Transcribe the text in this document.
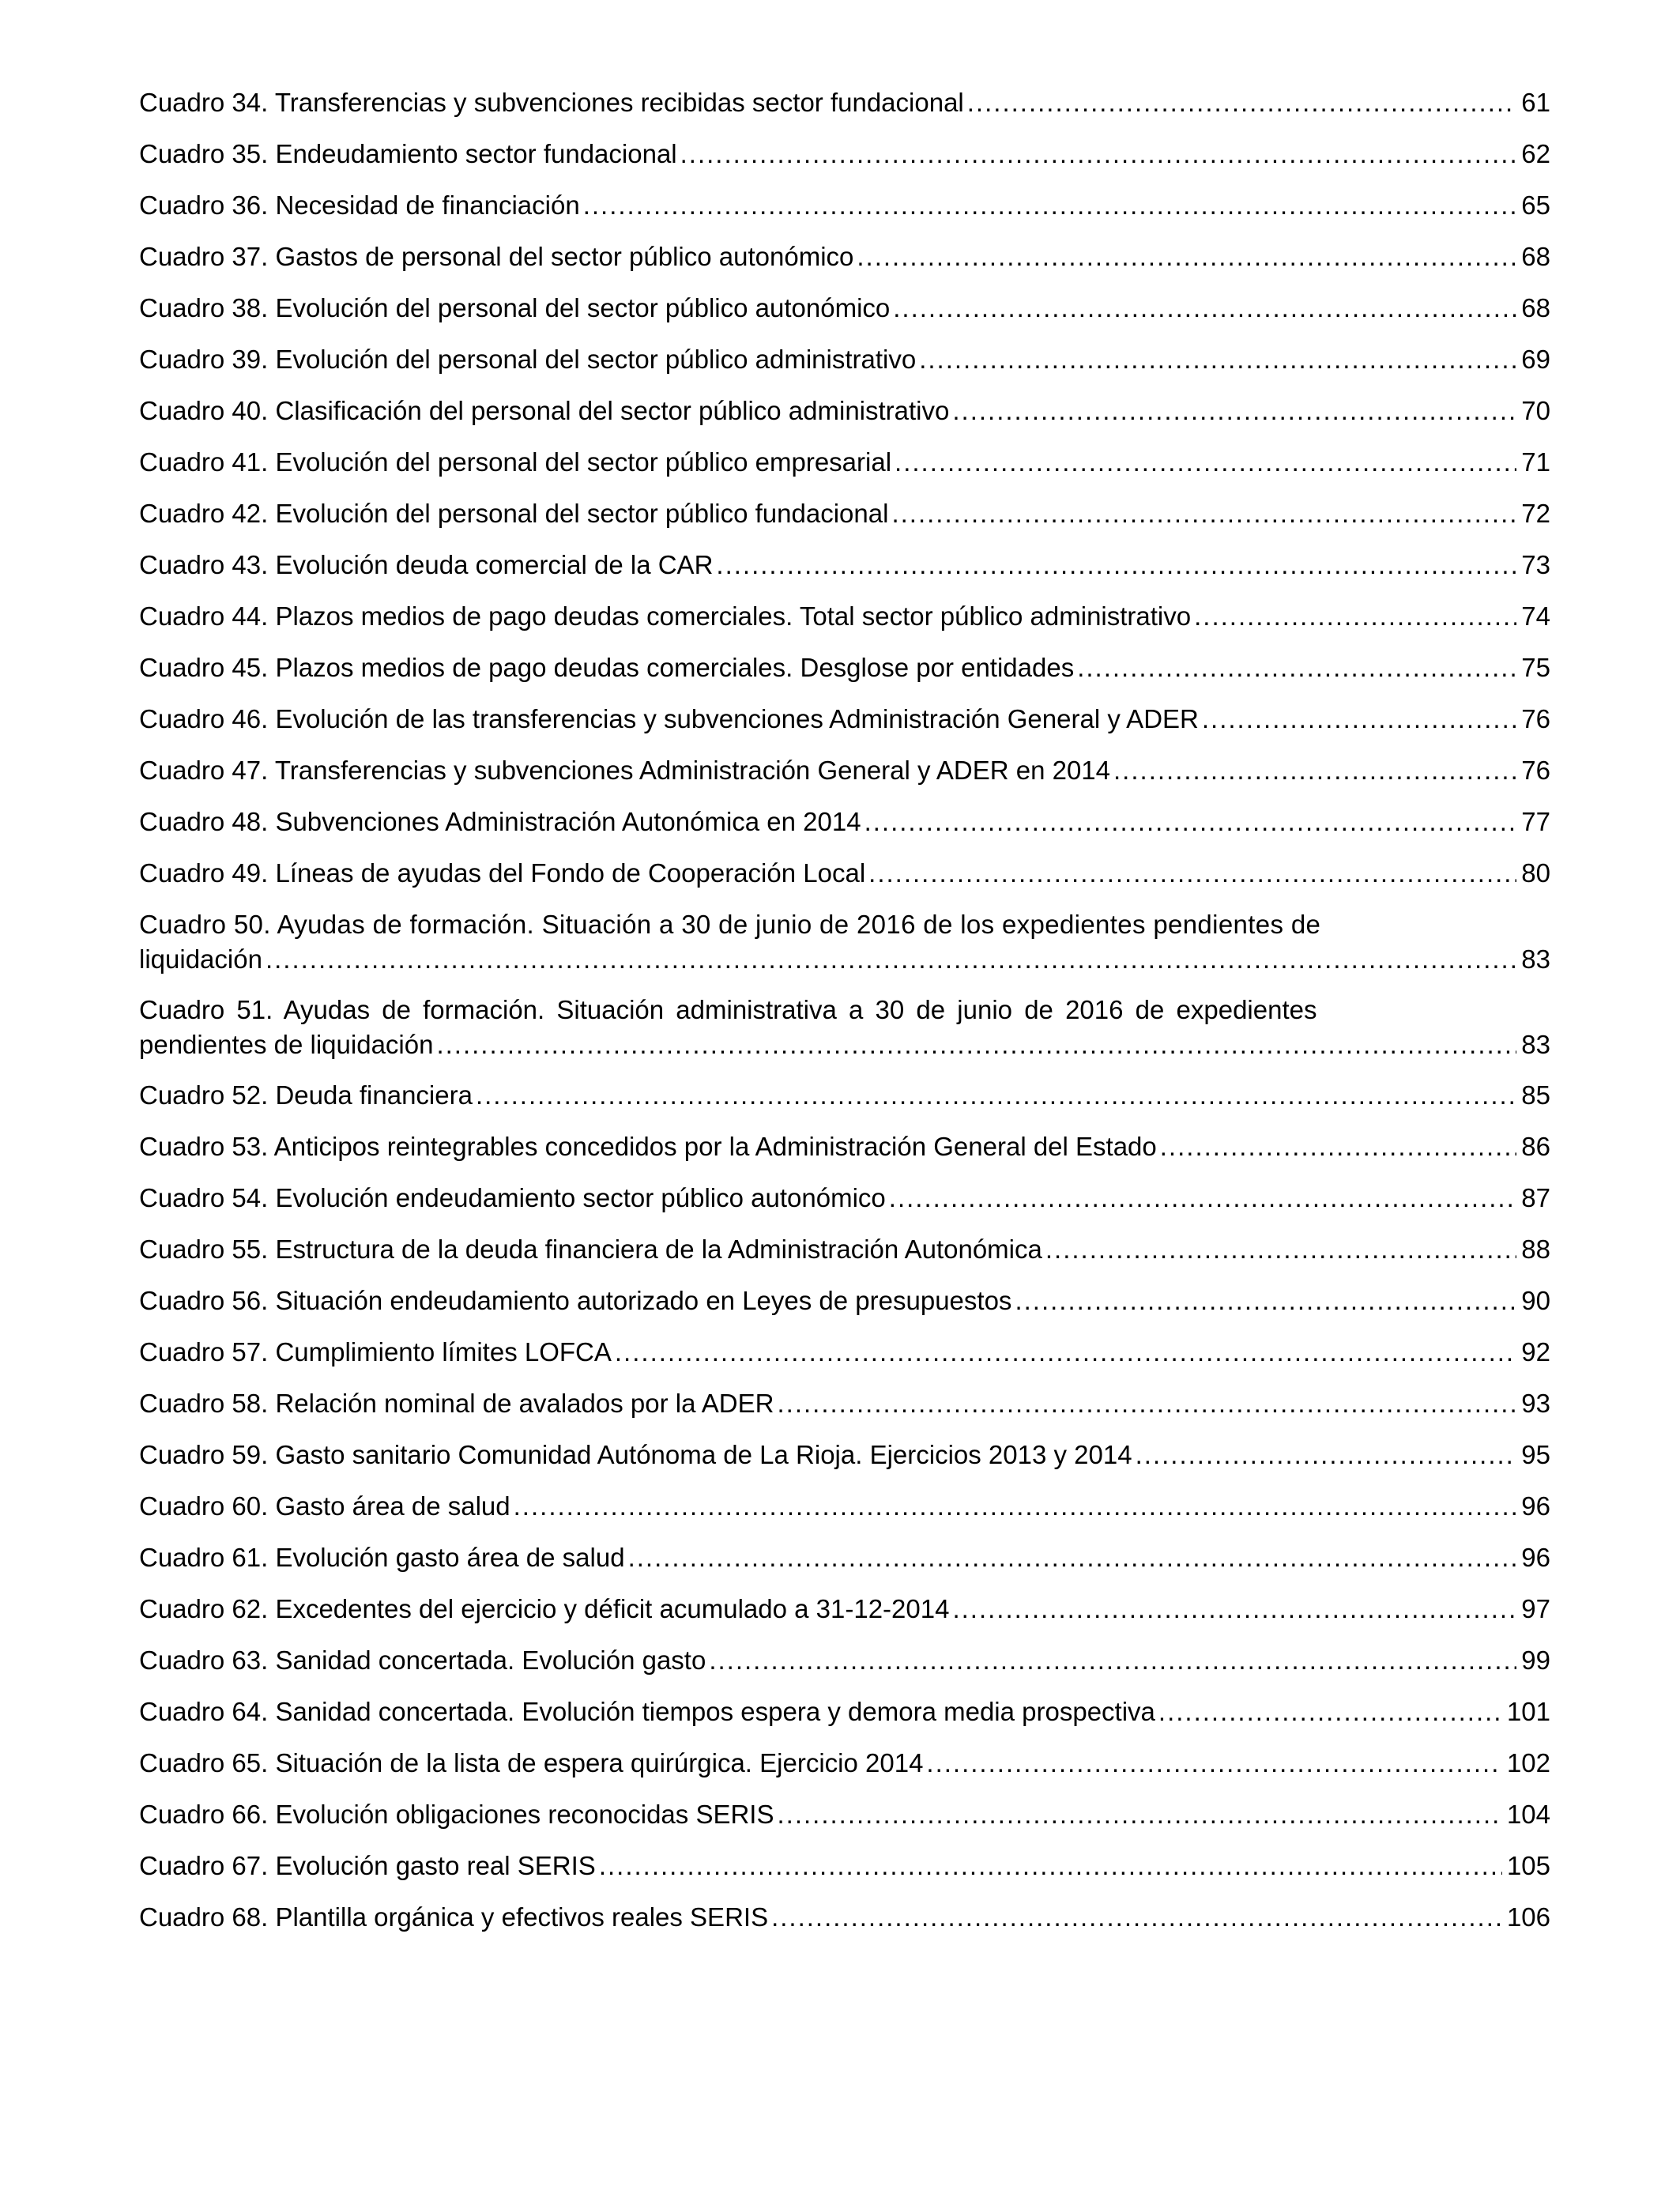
Cuadro 34. Transferencias y subvenciones recibidas sector fundacional .....	61
Cuadro 35. Endeudamiento sector fundacional .....	62
Cuadro 36. Necesidad de financiación .....	65
Cuadro 37. Gastos de personal del sector público autonómico .....	68
Cuadro 38. Evolución del personal del sector público autonómico .....	68
Cuadro 39. Evolución del personal del sector público administrativo .....	69
Cuadro 40. Clasificación del personal del sector público administrativo .....	70
Cuadro 41. Evolución del personal del sector público empresarial .....	71
Cuadro 42. Evolución del personal del sector público fundacional .....	72
Cuadro 43. Evolución deuda comercial de la CAR .....	73
Cuadro 44. Plazos medios de pago deudas comerciales. Total sector público administrativo .....	74
Cuadro 45. Plazos medios de pago deudas comerciales. Desglose por entidades .....	75
Cuadro 46. Evolución de las transferencias y subvenciones Administración General y ADER .....	76
Cuadro 47. Transferencias y subvenciones Administración General y ADER en 2014 .....	76
Cuadro 48. Subvenciones Administración Autonómica en 2014 .....	77
Cuadro 49. Líneas de ayudas del Fondo de Cooperación Local .....	80
Cuadro 50. Ayudas de formación. Situación a 30 de junio de 2016 de los expedientes pendientes de
liquidación .....	83
Cuadro 51. Ayudas de formación. Situación administrativa a 30 de junio de 2016 de expedientes
pendientes de liquidación .....	83
Cuadro 52. Deuda financiera .....	85
Cuadro 53. Anticipos reintegrables concedidos por la Administración General del Estado .....	86
Cuadro 54. Evolución endeudamiento sector público autonómico .....	87
Cuadro 55. Estructura de la deuda financiera de la Administración Autonómica .....	88
Cuadro 56. Situación endeudamiento autorizado en Leyes de presupuestos .....	90
Cuadro 57. Cumplimiento límites LOFCA .....	92
Cuadro 58. Relación nominal de avalados por la ADER .....	93
Cuadro 59. Gasto sanitario Comunidad Autónoma de La Rioja. Ejercicios 2013 y 2014 .....	95
Cuadro 60. Gasto área de salud .....	96
Cuadro 61. Evolución gasto área de salud .....	96
Cuadro 62. Excedentes del ejercicio y déficit acumulado a 31-12-2014 .....	97
Cuadro 63. Sanidad concertada. Evolución gasto .....	99
Cuadro 64. Sanidad concertada. Evolución tiempos espera y demora media prospectiva .....	101
Cuadro 65. Situación de la lista de espera quirúrgica. Ejercicio 2014 .....	102
Cuadro 66. Evolución obligaciones reconocidas SERIS .....	104
Cuadro 67. Evolución gasto real SERIS .....	105
Cuadro 68. Plantilla orgánica y efectivos reales SERIS .....	106
